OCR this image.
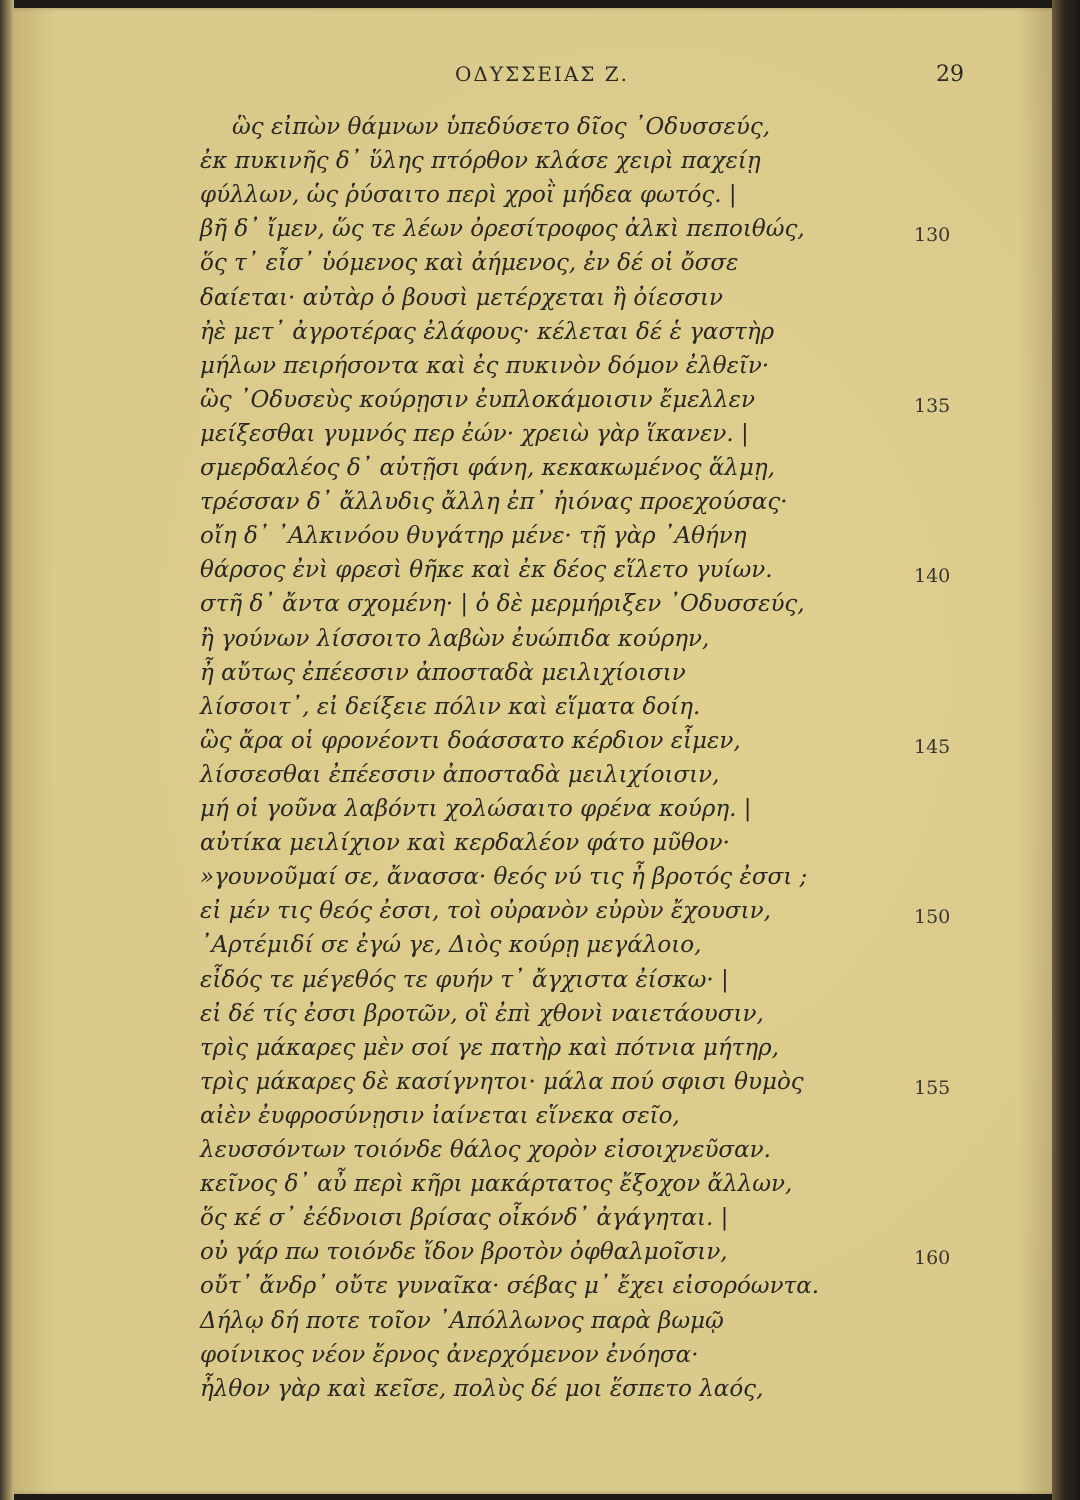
ΟΔΥΣΣΕΙΑΣ Ζ.	29
ὣς εἰπὼν θάμνων ὑπεδύσετο δῖος ᾿Οδυσσεύς,
ἐκ πυκινῆς δ᾿ ὕλης πτόρθον κλάσε χειρὶ παχείῃ
φύλλων, ὡς ῥύσαιτο περὶ χροῒ μήδεα φωτός. |
βῆ δ᾿ ἴμεν, ὥς τε λέων ὀρεσίτροφος ἀλκὶ πεποιθώς,	130
ὅς τ᾿ εἶσ᾿ ὑόμενος καὶ ἀήμενος, ἐν δέ οἱ ὄσσε
δαίεται· αὐτὰρ ὁ βουσὶ μετέρχεται ἢ ὀίεσσιν
ἠὲ μετ᾿ ἀγροτέρας ἐλάφους· κέλεται δέ ἑ γαστὴρ
μήλων πειρήσοντα καὶ ἐς πυκινὸν δόμον ἐλθεῖν·
ὣς ᾿Οδυσεὺς κούρῃσιν ἐυπλοκάμοισιν ἔμελλεν	135
μείξεσθαι γυμνός περ ἐών· χρειὼ γὰρ ἵκανεν. |
σμερδαλέος δ᾿ αὐτῇσι φάνη, κεκακωμένος ἅλμῃ,
τρέσσαν δ᾿ ἄλλυδις ἄλλη ἐπ᾿ ἠιόνας προεχούσας·
οἴη δ᾿ ᾿Αλκινόου θυγάτηρ μένε· τῇ γὰρ ᾿Αθήνη
θάρσος ἐνὶ φρεσὶ θῆκε καὶ ἐκ δέος εἵλετο γυίων.	140
στῆ δ᾿ ἄντα σχομένη· | ὁ δὲ μερμήριξεν ᾿Οδυσσεύς,
ἢ γούνων λίσσοιτο λαβὼν ἐυώπιδα κούρην,
ἦ αὔτως ἐπέεσσιν ἀποσταδὰ μειλιχίοισιν
λίσσοιτ᾿, εἰ δείξειε πόλιν καὶ εἵματα δοίη.
ὣς ἄρα οἱ φρονέοντι δοάσσατο κέρδιον εἶμεν,	145
λίσσεσθαι ἐπέεσσιν ἀποσταδὰ μειλιχίοισιν,
μή οἱ γοῦνα λαβόντι χολώσαιτο φρένα κούρη. |
αὐτίκα μειλίχιον καὶ κερδαλέον φάτο μῦθον·
»γουνοῦμαί σε, ἄνασσα· θεός νύ τις ἦ βροτός ἐσσι ;
εἰ μέν τις θεός ἐσσι, τοὶ οὐρανὸν εὐρὺν ἔχουσιν,	150
᾿Αρτέμιδί σε ἐγώ γε, Διὸς κούρῃ μεγάλοιο,
εἶδός τε μέγεθός τε φυήν τ᾿ ἄγχιστα ἐίσκω· |
εἰ δέ τίς ἐσσι βροτῶν, οἳ ἐπὶ χθονὶ ναιετάουσιν,
τρὶς μάκαρες μὲν σοί γε πατὴρ καὶ πότνια μήτηρ,
τρὶς μάκαρες δὲ κασίγνητοι· μάλα πού σφισι θυμὸς	155
αἰὲν ἐυφροσύνῃσιν ἰαίνεται εἵνεκα σεῖο,
λευσσόντων τοιόνδε θάλος χορὸν εἰσοιχνεῦσαν.
κεῖνος δ᾿ αὖ περὶ κῆρι μακάρτατος ἔξοχον ἄλλων,
ὅς κέ σ᾿ ἐέδνοισι βρίσας οἶκόνδ᾿ ἀγάγηται. |
οὐ γάρ πω τοιόνδε ἴδον βροτὸν ὀφθαλμοῖσιν,	160
οὔτ᾿ ἄνδρ᾿ οὔτε γυναῖκα· σέβας μ᾿ ἔχει εἰσορόωντα.
Δήλῳ δή ποτε τοῖον ᾿Απόλλωνος παρὰ βωμῷ
φοίνικος νέον ἔρνος ἀνερχόμενον ἐνόησα·
ἦλθον γὰρ καὶ κεῖσε, πολὺς δέ μοι ἕσπετο λαός,
